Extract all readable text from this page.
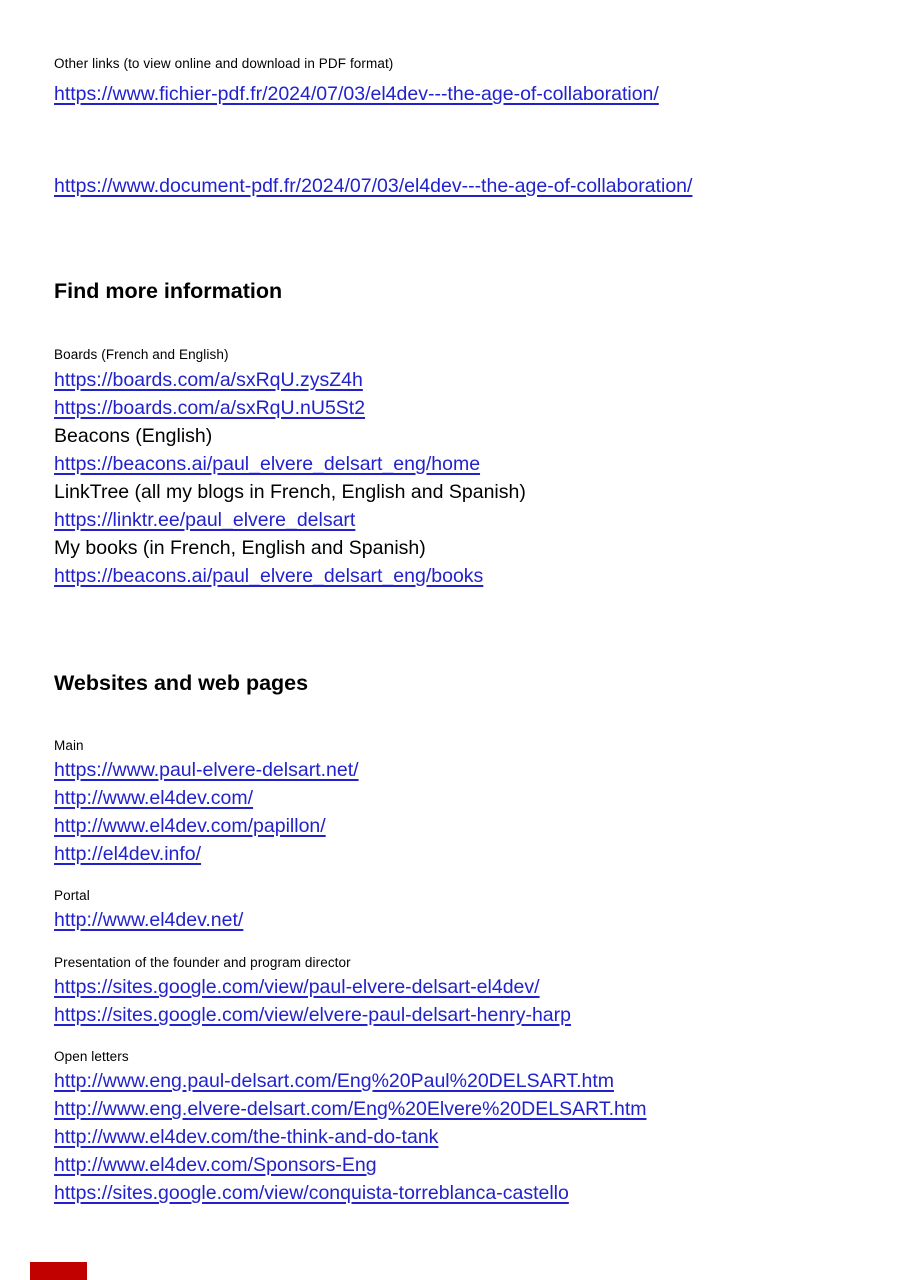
Other links (to view online and download in PDF format)
https://www.fichier-pdf.fr/2024/07/03/el4dev---the-age-of-collaboration/
https://www.document-pdf.fr/2024/07/03/el4dev---the-age-of-collaboration/
Find more information
Boards (French and English)
https://boards.com/a/sxRqU.zysZ4h
https://boards.com/a/sxRqU.nU5St2
Beacons (English)
https://beacons.ai/paul_elvere_delsart_eng/home
LinkTree (all my blogs in French, English and Spanish)
https://linktr.ee/paul_elvere_delsart
My books (in French, English and Spanish)
https://beacons.ai/paul_elvere_delsart_eng/books
Websites and web pages
Main
https://www.paul-elvere-delsart.net/
http://www.el4dev.com/
http://www.el4dev.com/papillon/
http://el4dev.info/
Portal
http://www.el4dev.net/
Presentation of the founder and program director
https://sites.google.com/view/paul-elvere-delsart-el4dev/
https://sites.google.com/view/elvere-paul-delsart-henry-harp
Open letters
http://www.eng.paul-delsart.com/Eng%20Paul%20DELSART.htm
http://www.eng.elvere-delsart.com/Eng%20Elvere%20DELSART.htm
http://www.el4dev.com/the-think-and-do-tank
http://www.el4dev.com/Sponsors-Eng
https://sites.google.com/view/conquista-torreblanca-castello
